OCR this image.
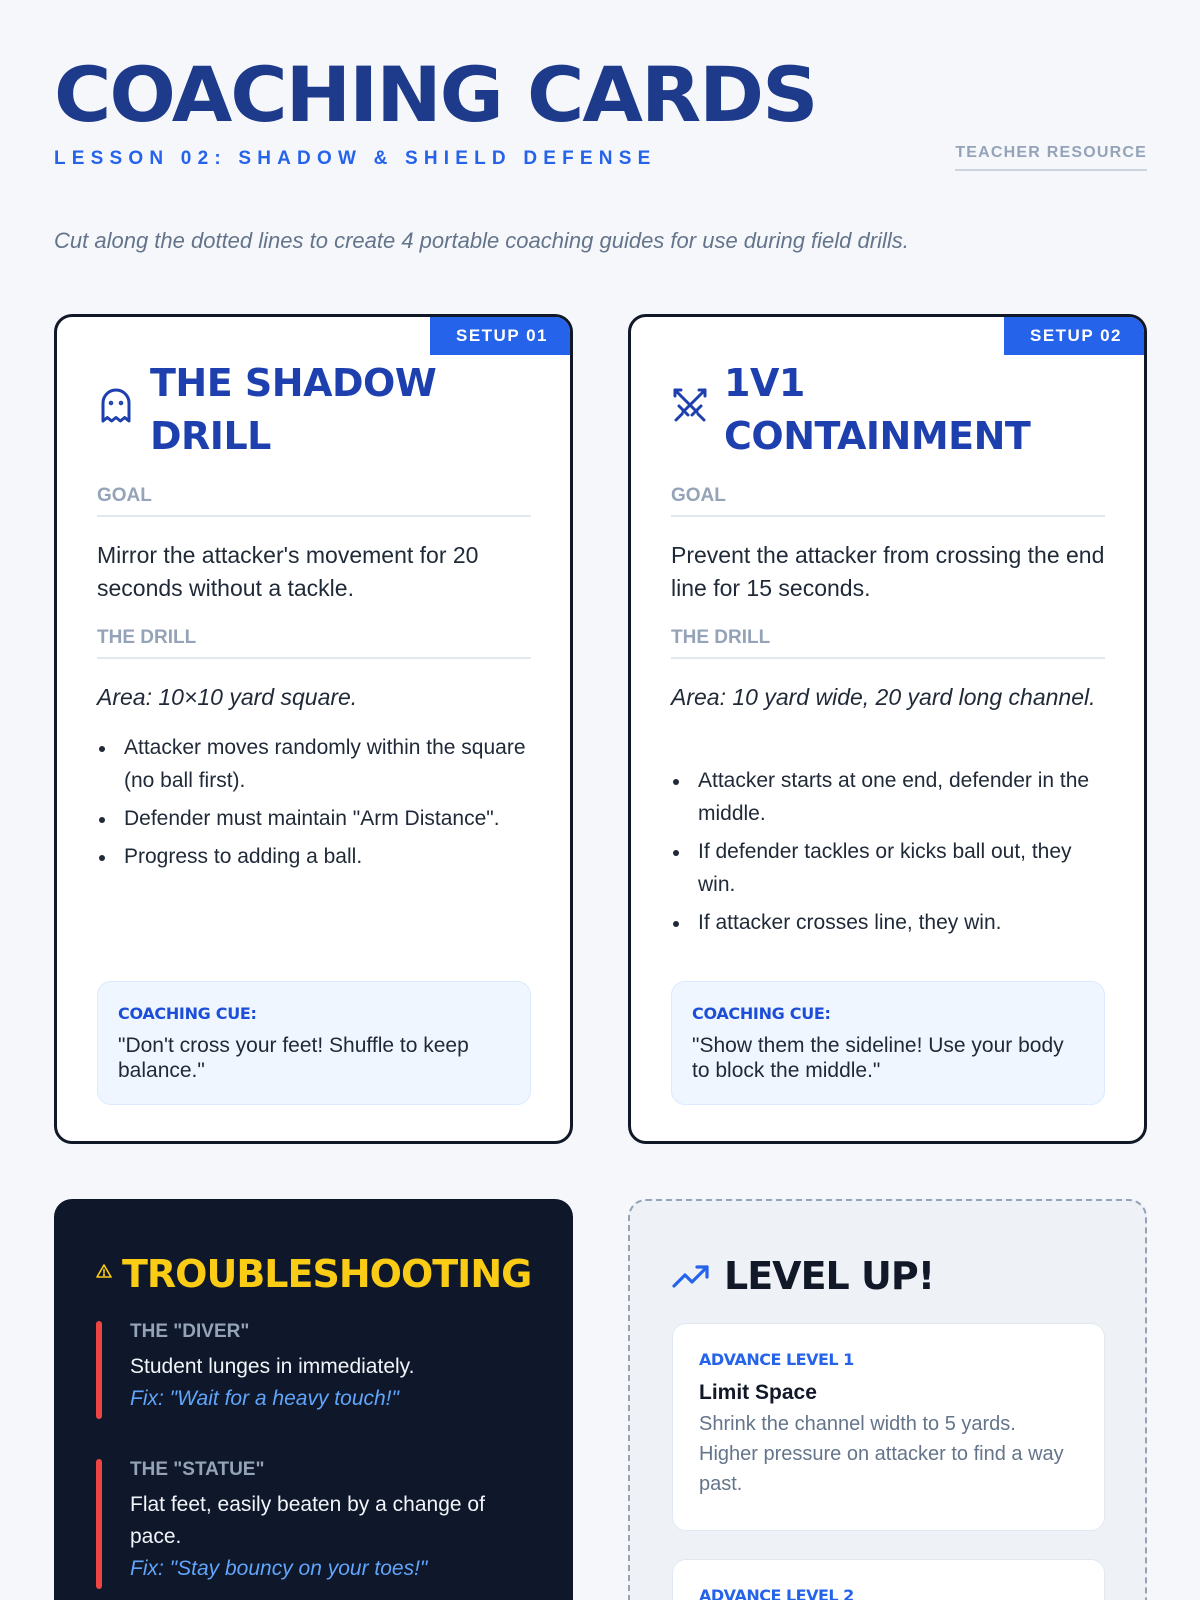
COACHING CARDS
LESSON 02: SHADOW & SHIELD DEFENSE	TEACHER RESOURCE
Cut along the dotted lines to create 4 portable coaching guides for use during field drills.
SETUP 01
THE SHADOW DRILL
GOAL
Mirror the attacker's movement for 20 seconds without a tackle.
THE DRILL
Area: 10×10 yard square.
Attacker moves randomly within the square (no ball first).
Defender must maintain "Arm Distance".
Progress to adding a ball.
COACHING CUE:
"Don't cross your feet! Shuffle to keep balance."
SETUP 02
1V1 CONTAINMENT
GOAL
Prevent the attacker from crossing the end line for 15 seconds.
THE DRILL
Area: 10 yard wide, 20 yard long channel.
Attacker starts at one end, defender in the middle.
If defender tackles or kicks ball out, they win.
If attacker crosses line, they win.
COACHING CUE:
"Show them the sideline! Use your body to block the middle."
TROUBLESHOOTING
THE "DIVER"
Student lunges in immediately.
Fix: "Wait for a heavy touch!"
THE "STATUE"
Flat feet, easily beaten by a change of pace.
Fix: "Stay bouncy on your toes!"
LEVEL UP!
ADVANCE LEVEL 1
Limit Space
Shrink the channel width to 5 yards. Higher pressure on attacker to find a way past.
ADVANCE LEVEL 2
